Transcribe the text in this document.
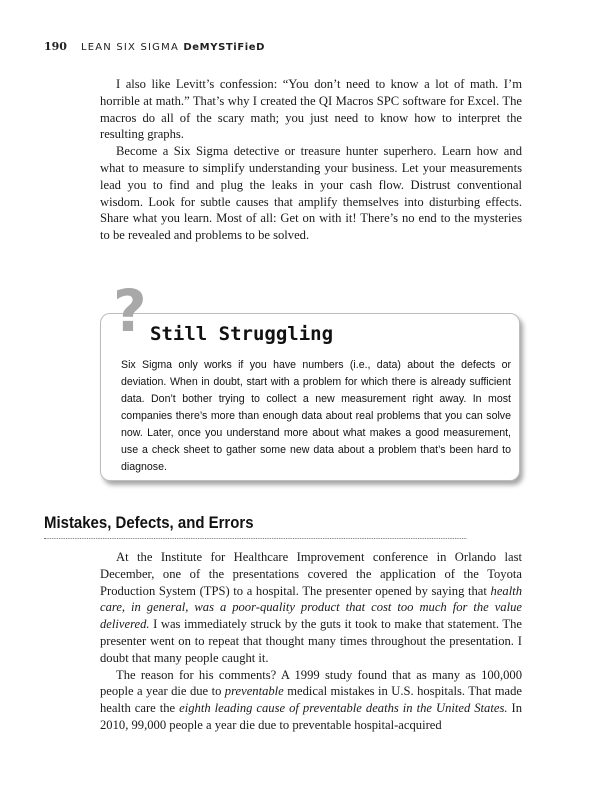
190 LEAN SIX SIGMA DeMYSTiFieD

I also like Levitt’s confession: “You don’t need to know a lot of math. I’m horrible at math.” That’s why I created the QI Macros SPC software for Excel. The macros do all of the scary math; you just need to know how to interpret the resulting graphs.

Become a Six Sigma detective or treasure hunter superhero. Learn how and what to measure to simplify understanding your business. Let your measurements lead you to find and plug the leaks in your cash flow. Distrust conventional wisdom. Look for subtle causes that amplify themselves into disturbing effects. Share what you learn. Most of all: Get on with it! There’s no end to the mysteries to be revealed and problems to be solved.

? Still Struggling
Six Sigma only works if you have numbers (i.e., data) about the defects or deviation. When in doubt, start with a problem for which there is already sufficient data. Don’t bother trying to collect a new measurement right away. In most companies there’s more than enough data about real problems that you can solve now. Later, once you understand more about what makes a good measurement, use a check sheet to gather some new data about a problem that’s been hard to diagnose.
Mistakes, Defects, and Errors

At the Institute for Healthcare Improvement conference in Orlando last December, one of the presentations covered the application of the Toyota Production System (TPS) to a hospital. The presenter opened by saying that health care, in general, was a poor-quality product that cost too much for the value delivered. I was immediately struck by the guts it took to make that statement. The presenter went on to repeat that thought many times throughout the presentation. I doubt that many people caught it.

The reason for his comments? A 1999 study found that as many as 100,000 people a year die due to preventable medical mistakes in U.S. hospitals. That made health care the eighth leading cause of preventable deaths in the United States. In 2010, 99,000 people a year die due to preventable hospital-acquired
